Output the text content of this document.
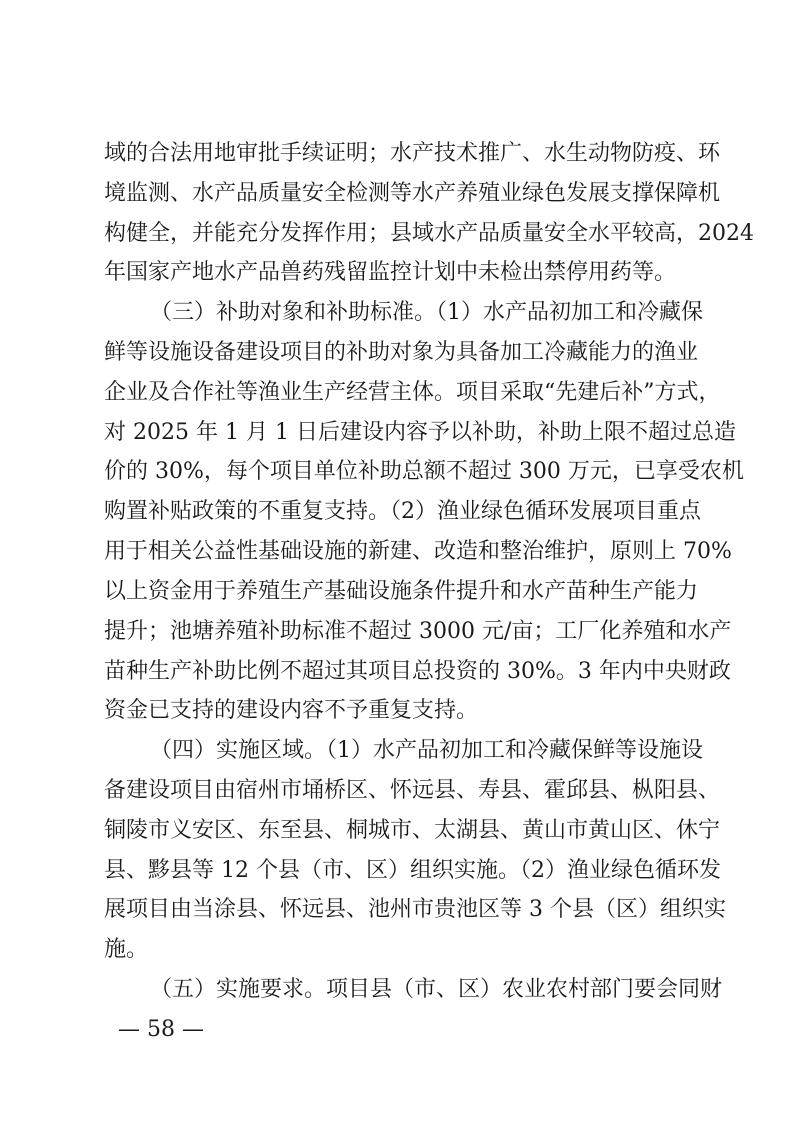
域的合法用地审批手续证明；水产技术推广、水生动物防疫、环
境监测、水产品质量安全检测等水产养殖业绿色发展支撑保障机
构健全，并能充分发挥作用；县域水产品质量安全水平较高，2024
年国家产地水产品兽药残留监控计划中未检出禁停用药等。
（三）补助对象和补助标准。（1）水产品初加工和冷藏保
鲜等设施设备建设项目的补助对象为具备加工冷藏能力的渔业
企业及合作社等渔业生产经营主体。项目采取“先建后补”方式，
对 2025 年 1 月 1 日后建设内容予以补助，补助上限不超过总造
价的 30%，每个项目单位补助总额不超过 300 万元，已享受农机
购置补贴政策的不重复支持。（2）渔业绿色循环发展项目重点
用于相关公益性基础设施的新建、改造和整治维护，原则上 70%
以上资金用于养殖生产基础设施条件提升和水产苗种生产能力
提升；池塘养殖补助标准不超过 3000 元/亩；工厂化养殖和水产
苗种生产补助比例不超过其项目总投资的 30%。3 年内中央财政
资金已支持的建设内容不予重复支持。
（四）实施区域。（1）水产品初加工和冷藏保鲜等设施设
备建设项目由宿州市埇桥区、怀远县、寿县、霍邱县、枞阳县、
铜陵市义安区、东至县、桐城市、太湖县、黄山市黄山区、休宁
县、黟县等 12 个县（市、区）组织实施。（2）渔业绿色循环发
展项目由当涂县、怀远县、池州市贵池区等 3 个县（区）组织实
施。
（五）实施要求。项目县（市、区）农业农村部门要会同财
— 58 —
